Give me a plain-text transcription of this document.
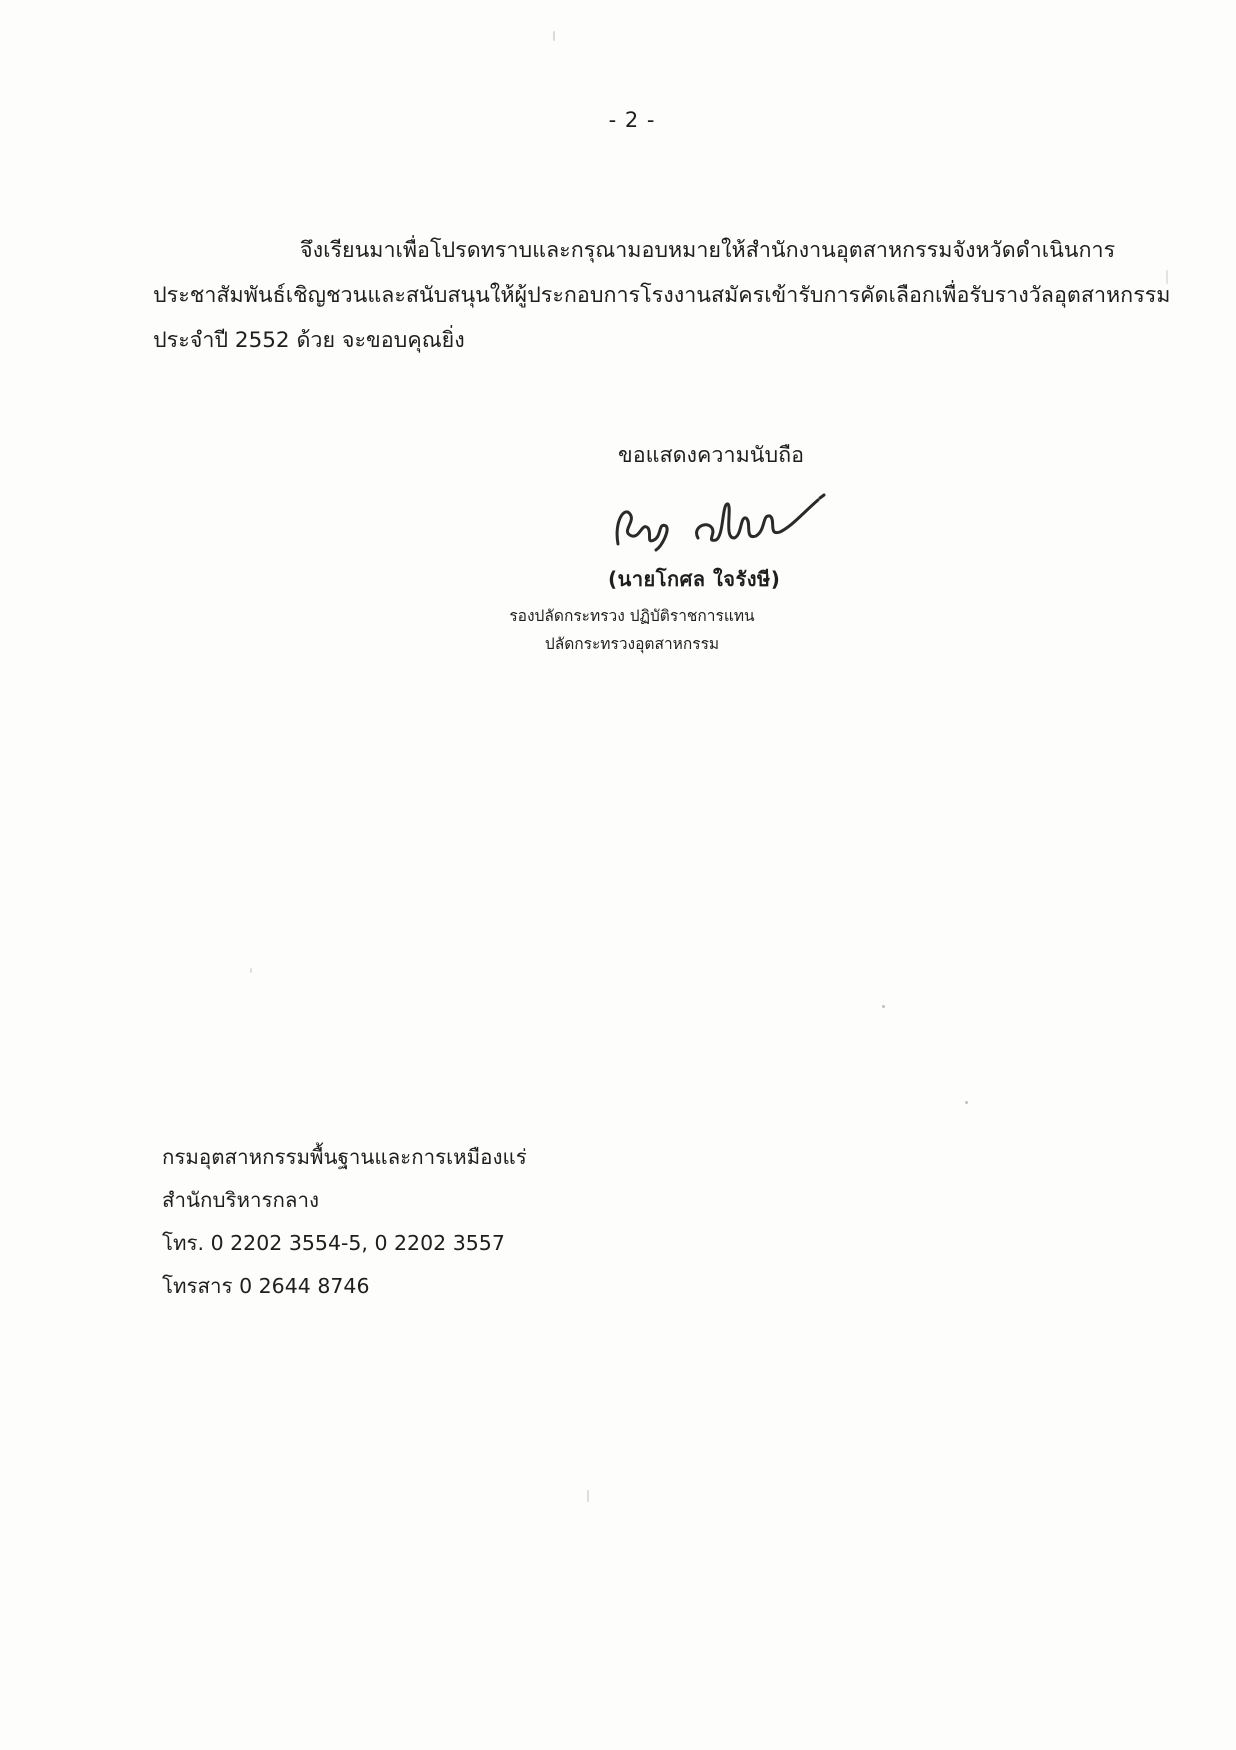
- 2 -
จึงเรียนมาเพื่อโปรดทราบและกรุณามอบหมายให้สำนักงานอุตสาหกรรมจังหวัดดำเนินการ
ประชาสัมพันธ์เชิญชวนและสนับสนุนให้ผู้ประกอบการโรงงานสมัครเข้ารับการคัดเลือกเพื่อรับรางวัลอุตสาหกรรม
ประจำปี 2552 ด้วย จะขอบคุณยิ่ง
ขอแสดงความนับถือ
(นายโกศล ใจรังษี)
รองปลัดกระทรวง ปฏิบัติราชการแทน
ปลัดกระทรวงอุตสาหกรรม
กรมอุตสาหกรรมพื้นฐานและการเหมืองแร่
สำนักบริหารกลาง
โทร. 0 2202 3554-5, 0 2202 3557
โทรสาร 0 2644 8746
